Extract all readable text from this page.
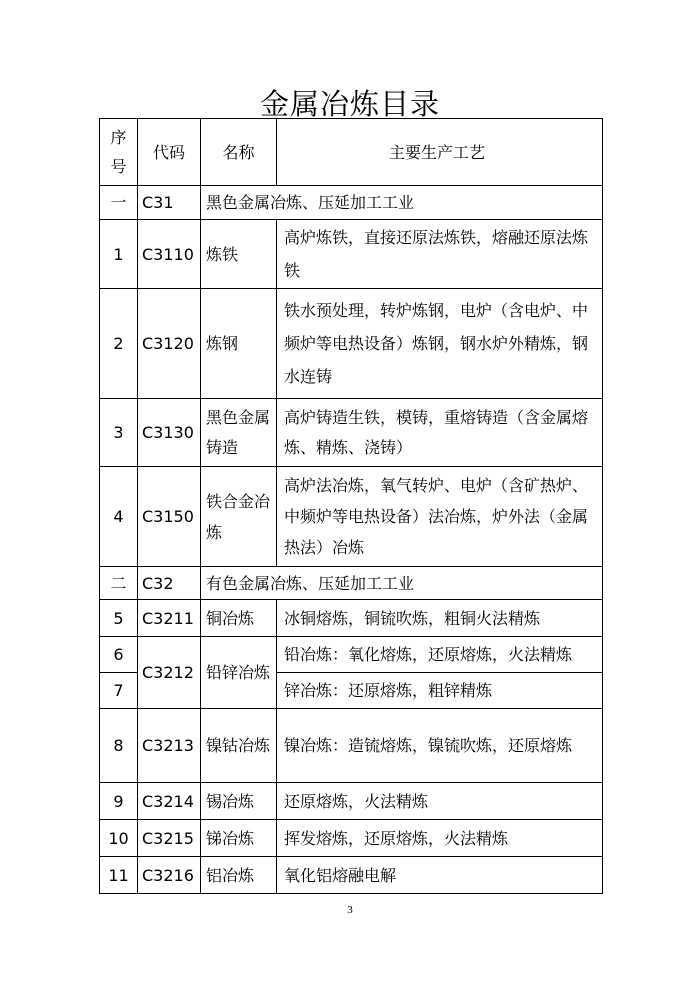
金属冶炼目录
序号	代码	名称	主要生产工艺
一	C31	黑色金属冶炼、压延加工工业	
1	C3110	炼铁	高炉炼铁，直接还原法炼铁，熔融还原法炼铁
2	C3120	炼钢	铁水预处理，转炉炼钢，电炉（含电炉、中频炉等电热设备）炼钢，钢水炉外精炼，钢水连铸
3	C3130	黑色金属铸造	高炉铸造生铁，模铸，重熔铸造（含金属熔炼、精炼、浇铸）
4	C3150	铁合金冶炼	高炉法冶炼，氧气转炉、电炉（含矿热炉、中频炉等电热设备）法冶炼，炉外法（金属热法）冶炼
二	C32	有色金属冶炼、压延加工工业	
5	C3211	铜冶炼	冰铜熔炼，铜锍吹炼，粗铜火法精炼
6	C3212	铅锌冶炼	铅冶炼：氧化熔炼，还原熔炼，火法精炼
7			锌冶炼：还原熔炼，粗锌精炼
8	C3213	镍钴冶炼	镍冶炼：造锍熔炼，镍锍吹炼，还原熔炼
9	C3214	锡冶炼	还原熔炼，火法精炼
10	C3215	锑冶炼	挥发熔炼，还原熔炼，火法精炼
11	C3216	铝冶炼	氧化铝熔融电解
3
